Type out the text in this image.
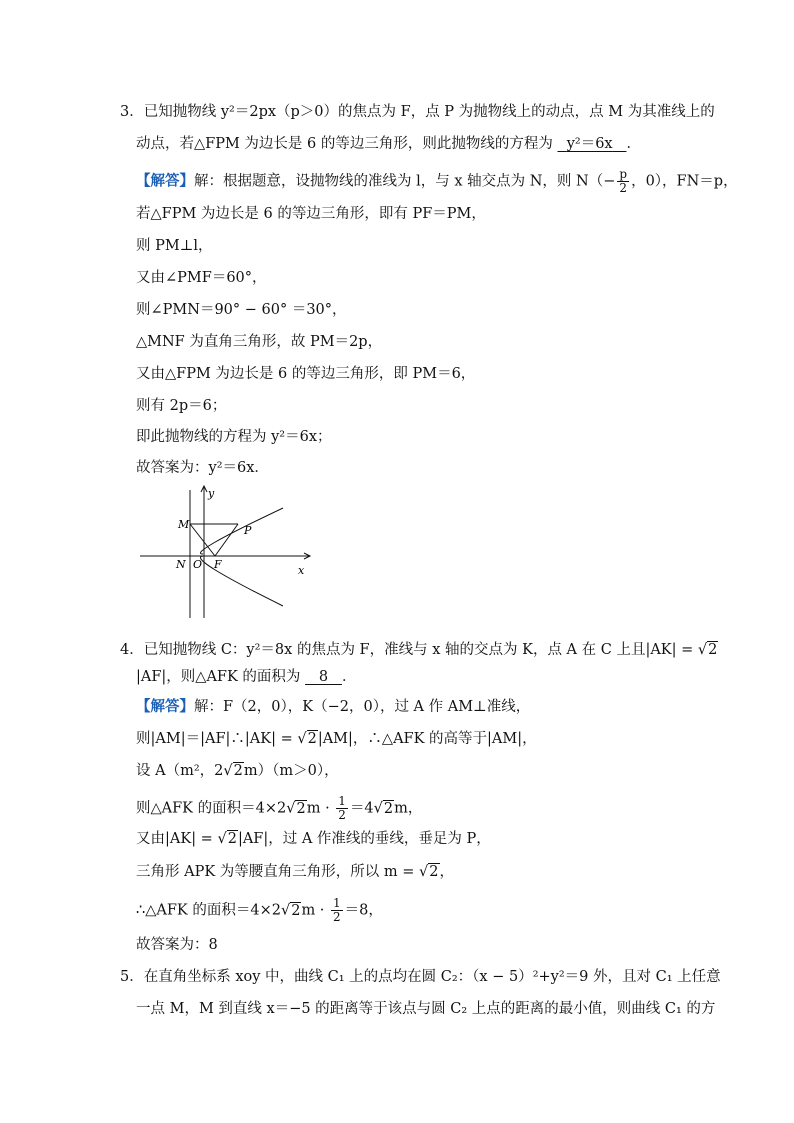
3．已知抛物线 y²＝2px（p＞0）的焦点为 F，点 P 为抛物线上的动点，点 M 为其准线上的
动点，若△FPM 为边长是 6 的等边三角形，则此抛物线的方程为 y²＝6x ．
【解答】解：根据题意，设抛物线的准线为 l，与 x 轴交点为 N，则 $N(- \frac{p}{2}$ ，0），FN＝p，
若△FPM 为边长是 6 的等边三角形，即有 PF＝PM，
则 PM⊥l，
又由∠PMF＝60°，
则∠PMN＝90° − 60° ＝30°，
△MNF 为直角三角形，故 PM＝2p，
又由△FPM 为边长是 6 的等边三角形，即 PM＝6，
则有 2p＝6；
即此抛物线的方程为 y²＝6x；
故答案为：y²＝6x．
y
x
M	P
N O F
4．已知抛物线 C：y²＝8x 的焦点为 F，准线与 x 轴的交点为 K，点 A 在 C 上且|AK| = √2
|AF|，则△AFK 的面积为 8 ．
【解答】解：F（2，0），K（−2，0），过 A 作 AM⊥准线，
则|AM|＝|AF|∴|AK| = √2|AM|，∴△AFK 的高等于|AM|，
设 A（m²，2√2m）（m＞0），
则△AFK 的面积$=4\times 2√2m \cdot \frac{1}{2} =4√2m$，
又由|AK| = √2|AF|，过 A 作准线的垂线，垂足为 P，
三角形 APK 为等腰直角三角形，所以 m = √2，
∴△AFK 的面积$=4\times 2√2m \cdot \frac{1}{2} =8$，
故答案为：8
5．在直角坐标系 xoy 中，曲线 C₁ 上的点均在圆 C₂：（x − 5）²+y²＝9 外，且对 C₁ 上任意
一点 M，M 到直线 x＝−5 的距离等于该点与圆 C₂ 上点的距离的最小值，则曲线 C₁ 的方
